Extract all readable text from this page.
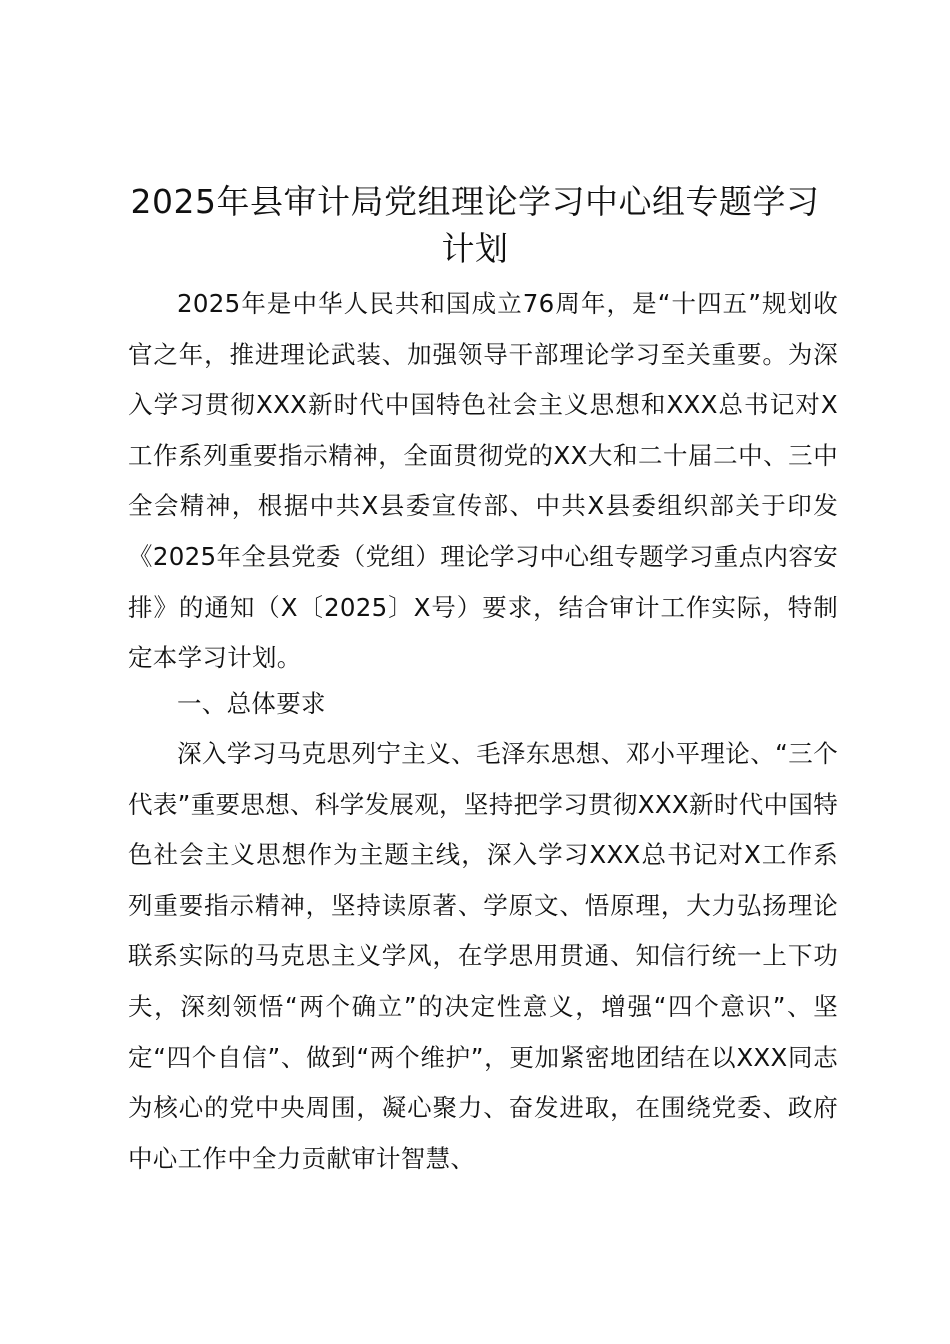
2025年县审计局党组理论学习中心组专题学习计划

2025年是中华人民共和国成立76周年，是“十四五”规划收官之年，推进理论武装、加强领导干部理论学习至关重要。为深入学习贯彻XXX新时代中国特色社会主义思想和XXX总书记对X工作系列重要指示精神，全面贯彻党的XX大和二十届二中、三中全会精神，根据中共X县委宣传部、中共X县委组织部关于印发《2025年全县党委（党组）理论学习中心组专题学习重点内容安排》的通知（X〔2025〕X号）要求，结合审计工作实际，特制定本学习计划。

一、总体要求

深入学习马克思列宁主义、毛泽东思想、邓小平理论、“三个代表”重要思想、科学发展观，坚持把学习贯彻XXX新时代中国特色社会主义思想作为主题主线，深入学习XXX总书记对X工作系列重要指示精神，坚持读原著、学原文、悟原理，大力弘扬理论联系实际的马克思主义学风，在学思用贯通、知信行统一上下功夫，深刻领悟“两个确立”的决定性意义，增强“四个意识”、坚定“四个自信”、做到“两个维护”，更加紧密地团结在以XXX同志为核心的党中央周围，凝心聚力、奋发进取，在围绕党委、政府中心工作中全力贡献审计智慧、
